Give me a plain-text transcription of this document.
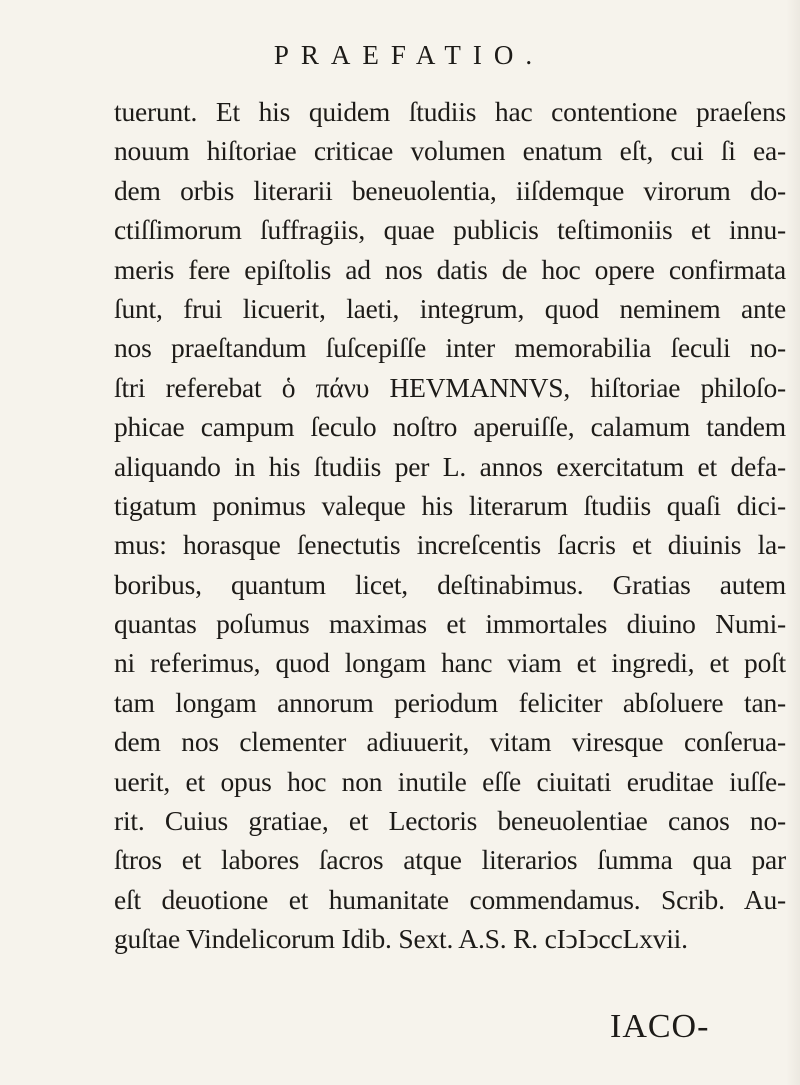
PRAEFATIO.
tuerunt. Et his quidem ſtudiis hac contentione praeſens
nouum hiſtoriae criticae volumen enatum eſt, cui ſi ea-
dem orbis literarii beneuolentia, iiſdemque virorum do-
ctiſſimorum ſuffragiis, quae publicis teſtimoniis et innu-
meris fere epiſtolis ad nos datis de hoc opere confirmata
ſunt, frui licuerit, laeti, integrum, quod neminem ante
nos praeſtandum ſuſcepiſſe inter memorabilia ſeculi no-
ſtri referebat ὁ πάνυ HEVMANNVS, hiſtoriae philoſo-
phicae campum ſeculo noſtro aperuiſſe, calamum tandem
aliquando in his ſtudiis per L. annos exercitatum et defa-
tigatum ponimus valeque his literarum ſtudiis quaſi dici-
mus: horasque ſenectutis increſcentis ſacris et diuinis la-
boribus, quantum licet, deſtinabimus. Gratias autem
quantas poſumus maximas et immortales diuino Numi-
ni referimus, quod longam hanc viam et ingredi, et poſt
tam longam annorum periodum feliciter abſoluere tan-
dem nos clementer adiuuerit, vitam viresque conſerua-
uerit, et opus hoc non inutile eſſe ciuitati eruditae iuſſe-
rit. Cuius gratiae, et Lectoris beneuolentiae canos no-
ſtros et labores ſacros atque literarios ſumma qua par
eſt deuotione et humanitate commendamus. Scrib. Au-
guſtae Vindelicorum Idib. Sext. A.S. R. cIↄIↄccLxvii.
IACO-
